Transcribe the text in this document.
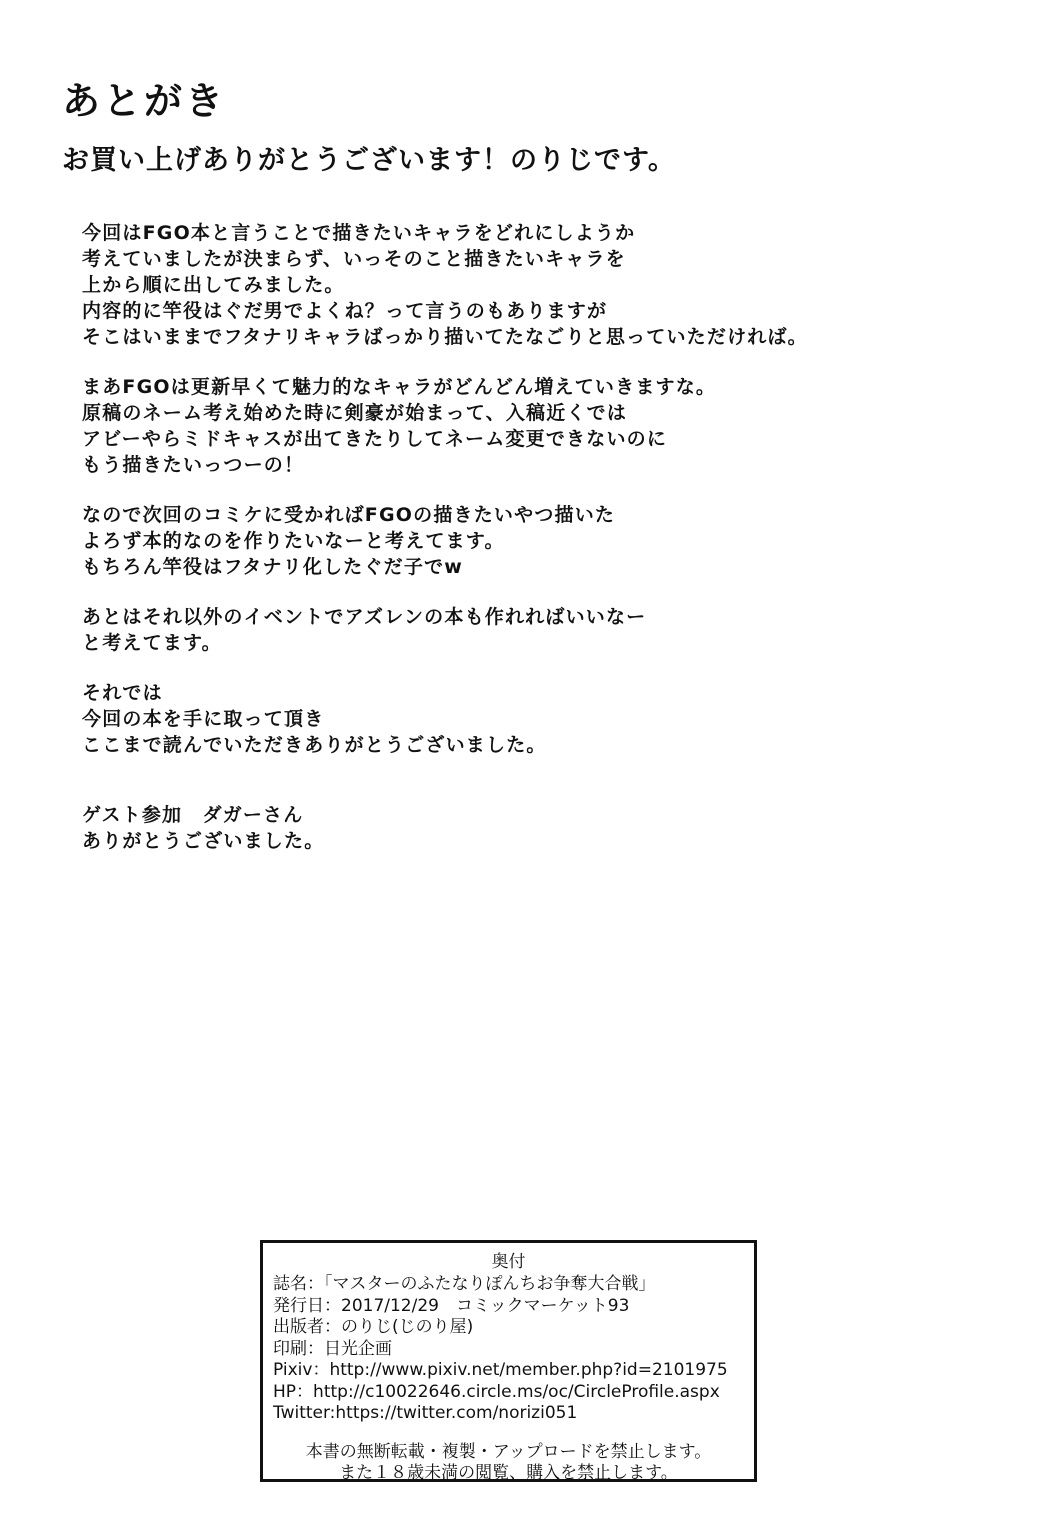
あとがき
お買い上げありがとうございます！のりじです。
今回はFGO本と言うことで描きたいキャラをどれにしようか
考えていましたが決まらず、いっそのこと描きたいキャラを
上から順に出してみました。
内容的に竿役はぐだ男でよくね？って言うのもありますが
そこはいままでフタナリキャラばっかり描いてたなごりと思っていただければ。
まあFGOは更新早くて魅力的なキャラがどんどん増えていきますな。
原稿のネーム考え始めた時に剣豪が始まって、入稿近くでは
アビーやらミドキャスが出てきたりしてネーム変更できないのに
もう描きたいっつーの！
なので次回のコミケに受かればFGOの描きたいやつ描いた
よろず本的なのを作りたいなーと考えてます。
もちろん竿役はフタナリ化したぐだ子でw
あとはそれ以外のイベントでアズレンの本も作れればいいなー
と考えてます。
それでは
今回の本を手に取って頂き
ここまで読んでいただきありがとうございました。
ゲスト参加　ダガーさん
ありがとうございました。
奥付
誌名：「マスターのふたなりぽんちお争奪大合戦」
発行日：2017/12/29　コミックマーケット93
出版者：のりじ(じのり屋)
印刷：日光企画
Pixiv：http://www.pixiv.net/member.php?id=2101975
HP：http://c10022646.circle.ms/oc/CircleProfile.aspx
Twitter:https://twitter.com/norizi051
本書の無断転載・複製・アップロードを禁止します。
また１８歳未満の閲覧、購入を禁止します。
